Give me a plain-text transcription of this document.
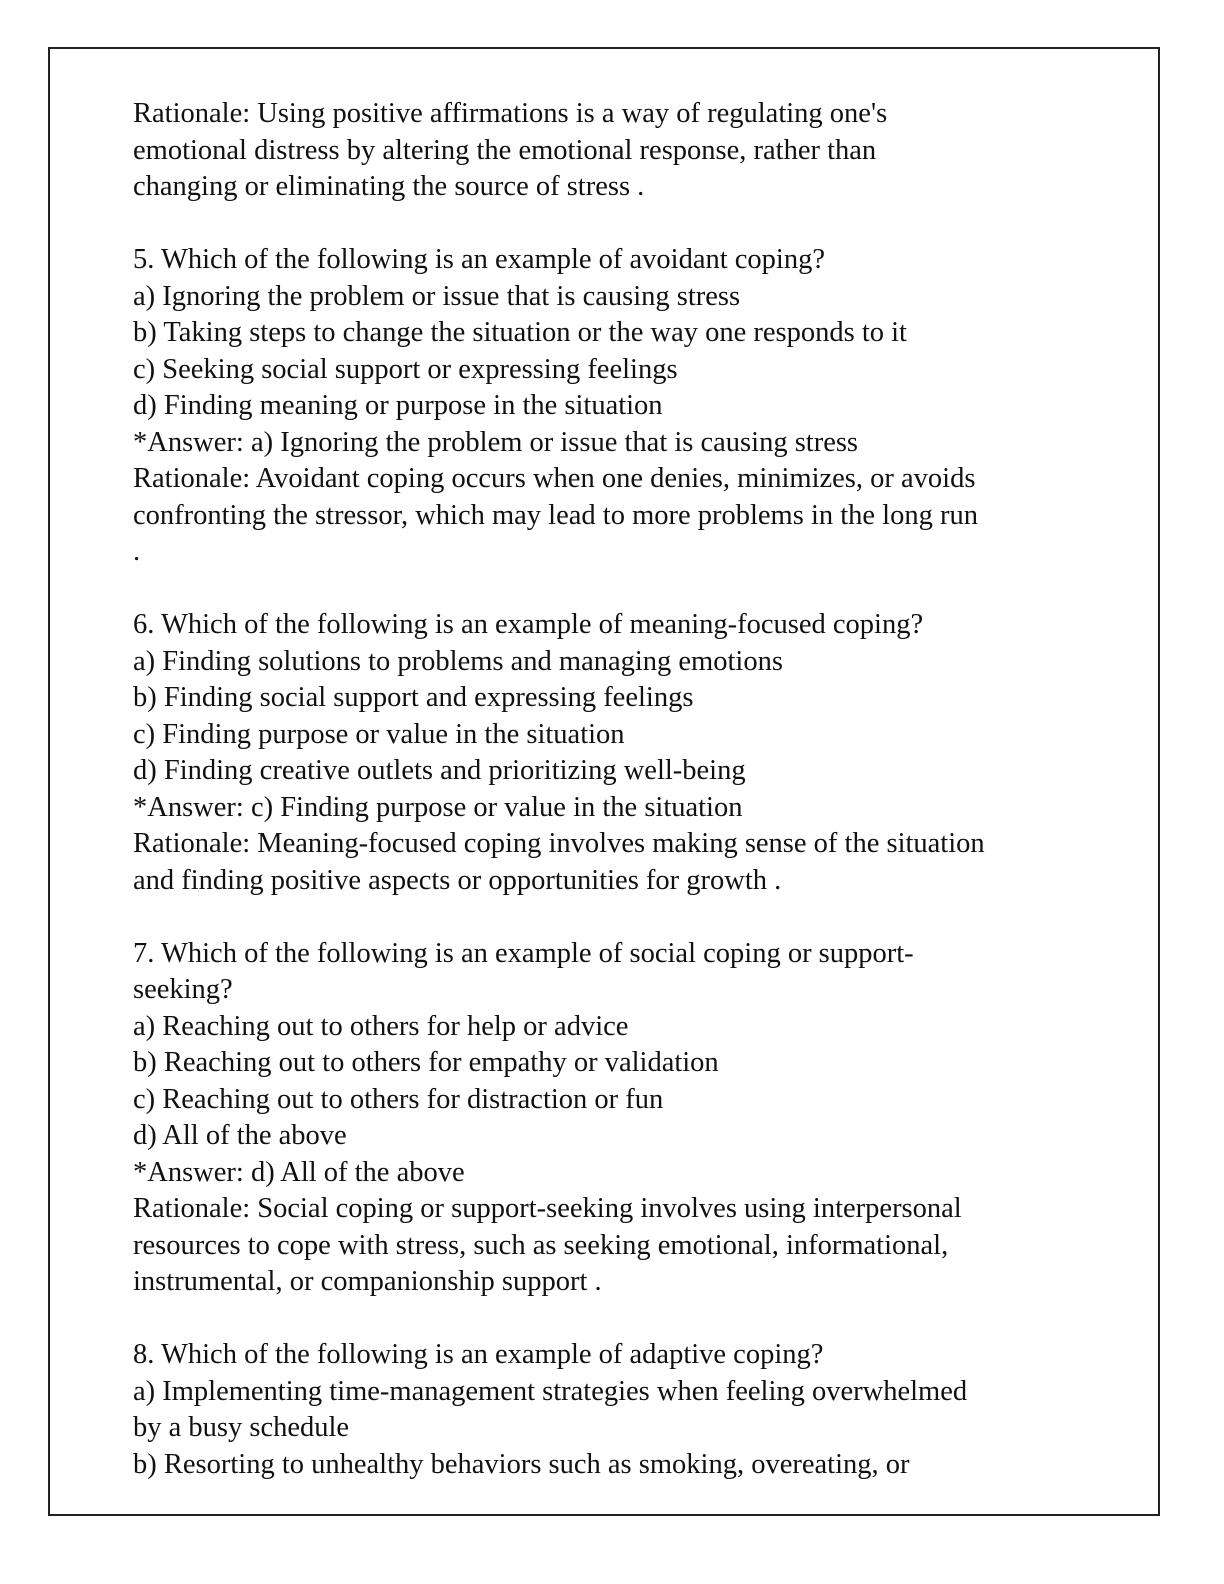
Rationale: Using positive affirmations is a way of regulating one's
emotional distress by altering the emotional response, rather than
changing or eliminating the source of stress .
5. Which of the following is an example of avoidant coping?
a) Ignoring the problem or issue that is causing stress
b) Taking steps to change the situation or the way one responds to it
c) Seeking social support or expressing feelings
d) Finding meaning or purpose in the situation
*Answer: a) Ignoring the problem or issue that is causing stress
Rationale: Avoidant coping occurs when one denies, minimizes, or avoids
confronting the stressor, which may lead to more problems in the long run
.
6. Which of the following is an example of meaning-focused coping?
a) Finding solutions to problems and managing emotions
b) Finding social support and expressing feelings
c) Finding purpose or value in the situation
d) Finding creative outlets and prioritizing well-being
*Answer: c) Finding purpose or value in the situation
Rationale: Meaning-focused coping involves making sense of the situation
and finding positive aspects or opportunities for growth .
7. Which of the following is an example of social coping or support-
seeking?
a) Reaching out to others for help or advice
b) Reaching out to others for empathy or validation
c) Reaching out to others for distraction or fun
d) All of the above
*Answer: d) All of the above
Rationale: Social coping or support-seeking involves using interpersonal
resources to cope with stress, such as seeking emotional, informational,
instrumental, or companionship support .
8. Which of the following is an example of adaptive coping?
a) Implementing time-management strategies when feeling overwhelmed
by a busy schedule
b) Resorting to unhealthy behaviors such as smoking, overeating, or
